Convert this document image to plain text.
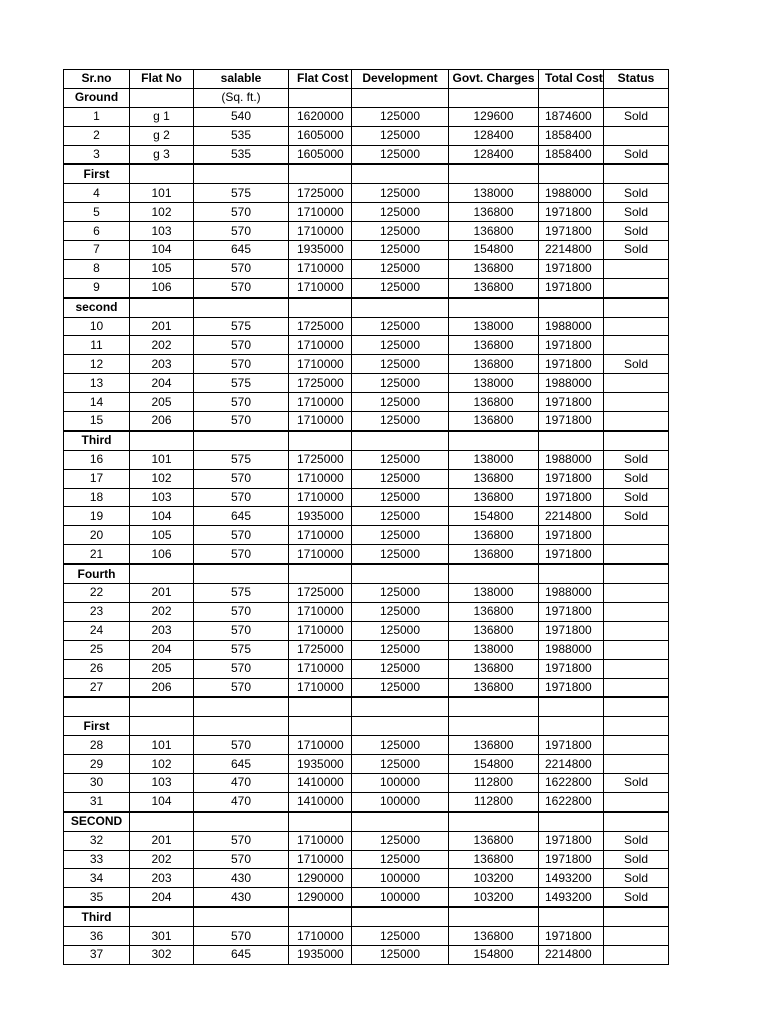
Sr.no	Flat No	salable	Flat Cost	Development	Govt. Charges	Total Cost	Status
Ground		(Sq. ft.)					
1	g 1	540	1620000	125000	129600	1874600	Sold
2	g 2	535	1605000	125000	128400	1858400	
3	g 3	535	1605000	125000	128400	1858400	Sold
First							
4	101	575	1725000	125000	138000	1988000	Sold
5	102	570	1710000	125000	136800	1971800	Sold
6	103	570	1710000	125000	136800	1971800	Sold
7	104	645	1935000	125000	154800	2214800	Sold
8	105	570	1710000	125000	136800	1971800	
9	106	570	1710000	125000	136800	1971800	
second							
10	201	575	1725000	125000	138000	1988000	
11	202	570	1710000	125000	136800	1971800	
12	203	570	1710000	125000	136800	1971800	Sold
13	204	575	1725000	125000	138000	1988000	
14	205	570	1710000	125000	136800	1971800	
15	206	570	1710000	125000	136800	1971800	
Third							
16	101	575	1725000	125000	138000	1988000	Sold
17	102	570	1710000	125000	136800	1971800	Sold
18	103	570	1710000	125000	136800	1971800	Sold
19	104	645	1935000	125000	154800	2214800	Sold
20	105	570	1710000	125000	136800	1971800	
21	106	570	1710000	125000	136800	1971800	
Fourth							
22	201	575	1725000	125000	138000	1988000	
23	202	570	1710000	125000	136800	1971800	
24	203	570	1710000	125000	136800	1971800	
25	204	575	1725000	125000	138000	1988000	
26	205	570	1710000	125000	136800	1971800	
27	206	570	1710000	125000	136800	1971800	

First							
28	101	570	1710000	125000	136800	1971800	
29	102	645	1935000	125000	154800	2214800	
30	103	470	1410000	100000	112800	1622800	Sold
31	104	470	1410000	100000	112800	1622800	
SECOND							
32	201	570	1710000	125000	136800	1971800	Sold
33	202	570	1710000	125000	136800	1971800	Sold
34	203	430	1290000	100000	103200	1493200	Sold
35	204	430	1290000	100000	103200	1493200	Sold
Third							
36	301	570	1710000	125000	136800	1971800	
37	302	645	1935000	125000	154800	2214800	
